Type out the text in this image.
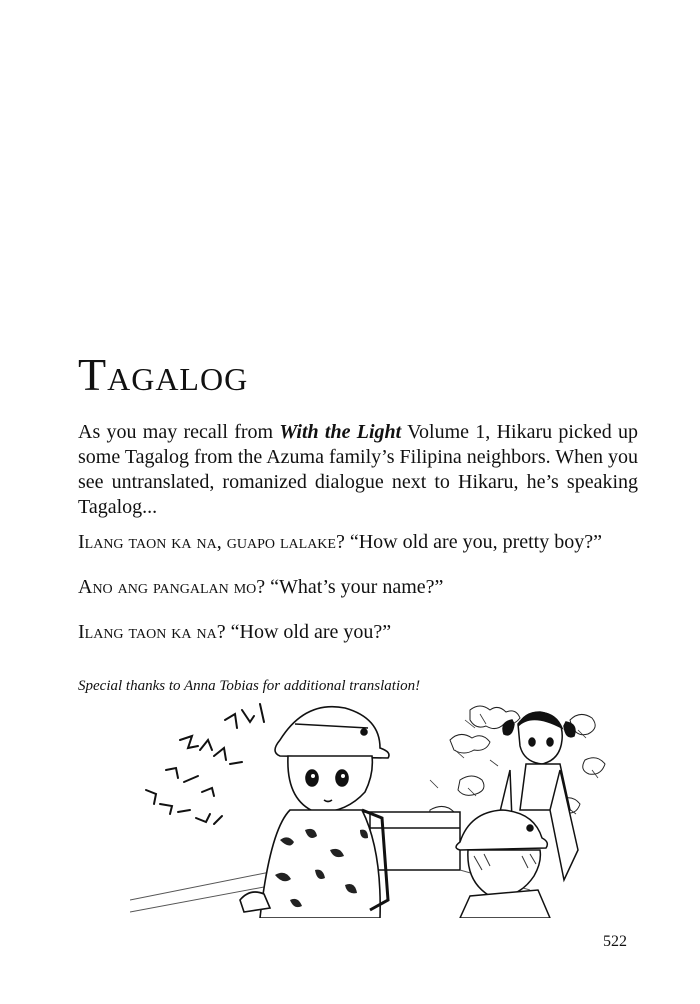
Tagalog

As you may recall from With the Light Volume 1, Hikaru picked up some Tagalog from the Azuma family’s Filipina neighbors. When you see untranslated, romanized dialogue next to Hikaru, he’s speaking Tagalog...

Ilang taon ka na, guapo lalake? “How old are you, pretty boy?”

Ano ang pangalan mo? “What’s your name?”

Ilang taon ka na? “How old are you?”

Special thanks to Anna Tobias for additional translation!

522
